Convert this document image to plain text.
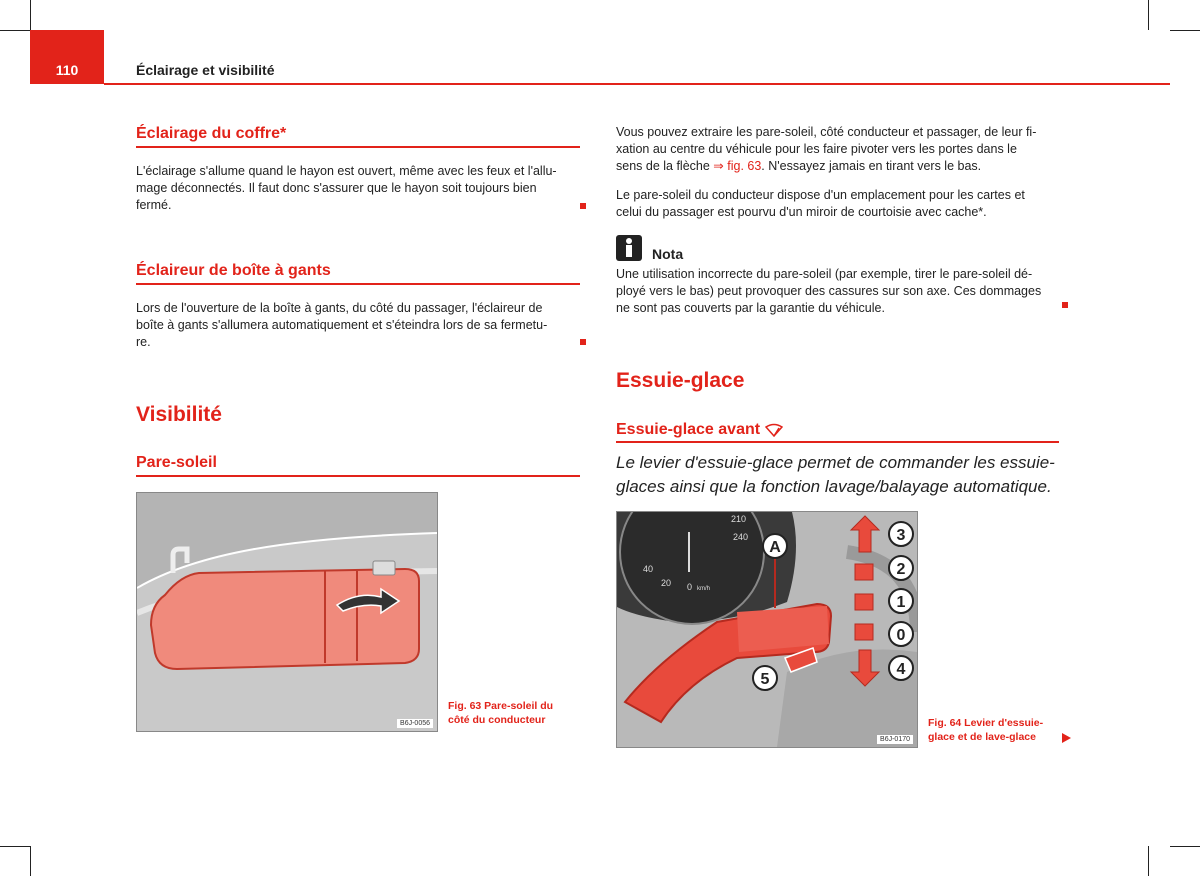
110	Éclairage et visibilité
Éclairage du coffre*
L'éclairage s'allume quand le hayon est ouvert, même avec les feux et l'allu-
mage déconnectés. Il faut donc s'assurer que le hayon soit toujours bien
fermé.
Éclaireur de boîte à gants
Lors de l'ouverture de la boîte à gants, du côté du passager, l'éclaireur de
boîte à gants s'allumera automatiquement et s'éteindra lors de sa fermetu-
re.
Visibilité
Pare-soleil
B6J-0056
Fig. 63 Pare-soleil du
côté du conducteur
Vous pouvez extraire les pare-soleil, côté conducteur et passager, de leur fi-
xation au centre du véhicule pour les faire pivoter vers les portes dans le
sens de la flèche ⇒ fig. 63. N'essayez jamais en tirant vers le bas.
Le pare-soleil du conducteur dispose d'un emplacement pour les cartes et
celui du passager est pourvu d'un miroir de courtoisie avec cache*.
Nota
Une utilisation incorrecte du pare-soleil (par exemple, tirer le pare-soleil dé-
ployé vers le bas) peut provoquer des cassures sur son axe. Ces dommages
ne sont pas couverts par la garantie du véhicule.
Essuie-glace
Essuie-glace avant
Le levier d'essuie-glace permet de commander les essuie-
glaces ainsi que la fonction lavage/balayage automatique.
210
240
40
20 0 km/h
3
2
1
0
4
A
5
B6J-0170
Fig. 64 Levier d'essuie-
glace et de lave-glace
